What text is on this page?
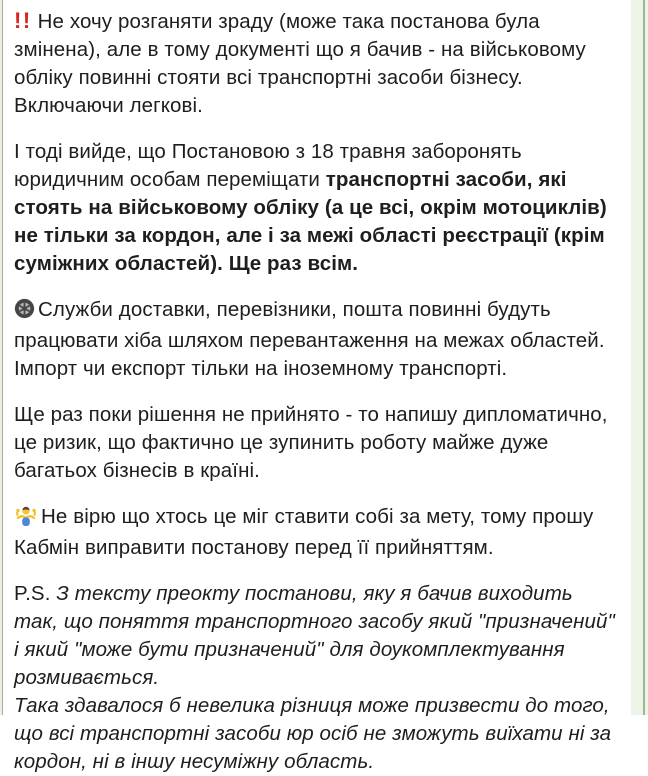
!! Не хочу розганяти зраду (може така постанова була змінена), але в тому документі що я бачив - на військовому обліку повинні стояти всі транспортні засоби бізнесу. Включаючи легкові.

І тоді вийде, що Постановою з 18 травня заборонять юридичним особам переміщати транспортні засоби, які стоять на військовому обліку (а це всі, окрім мотоциклів) не тільки за кордон, але і за межі області реєстрації (крім суміжних областей). Ще раз всім.

Служби доставки, перевізники, пошта повинні будуть працювати хіба шляхом перевантаження на межах областей. Імпорт чи експорт тільки на іноземному транспорті.

Ще раз поки рішення не прийнято - то напишу дипломатично, це ризик, що фактично це зупинить роботу майже дуже багатьох бізнесів в країні.

Не вірю що хтось це міг ставити собі за мету, тому прошу Кабмін виправити постанову перед її прийняттям.

P.S. З тексту преокту постанови, яку я бачив виходить так, що поняття транспортного засобу який "призначений" і який "може бути призначений" для доукомплектування розмивається.
Така здавалося б невелика різниця може призвести до того, що всі транспортні засоби юр осіб не зможуть виїхати ні за кордон, ні в іншу несуміжну область.
